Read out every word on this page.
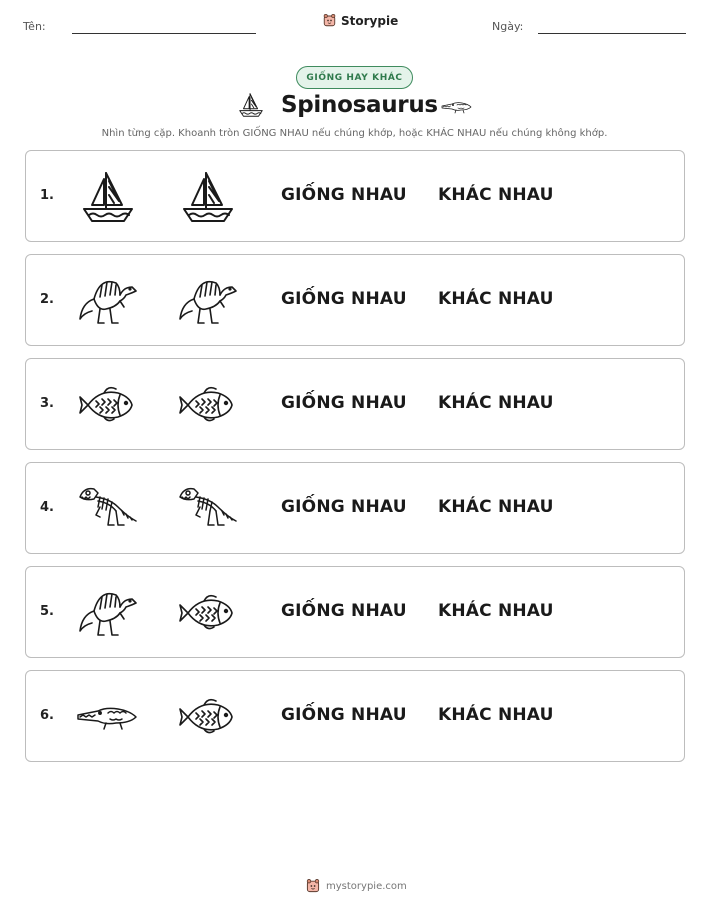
Tên:	Storypie	Ngày:
GIỐNG HAY KHÁC
Spinosaurus
Nhìn từng cặp. Khoanh tròn GIỐNG NHAU nếu chúng khớp, hoặc KHÁC NHAU nếu chúng không khớp.
1.	GIỐNG NHAU KHÁC NHAU
2.	GIỐNG NHAU KHÁC NHAU
3.	GIỐNG NHAU KHÁC NHAU
4.	GIỐNG NHAU KHÁC NHAU
5.	GIỐNG NHAU KHÁC NHAU
6.	GIỐNG NHAU KHÁC NHAU
mystorypie.com
